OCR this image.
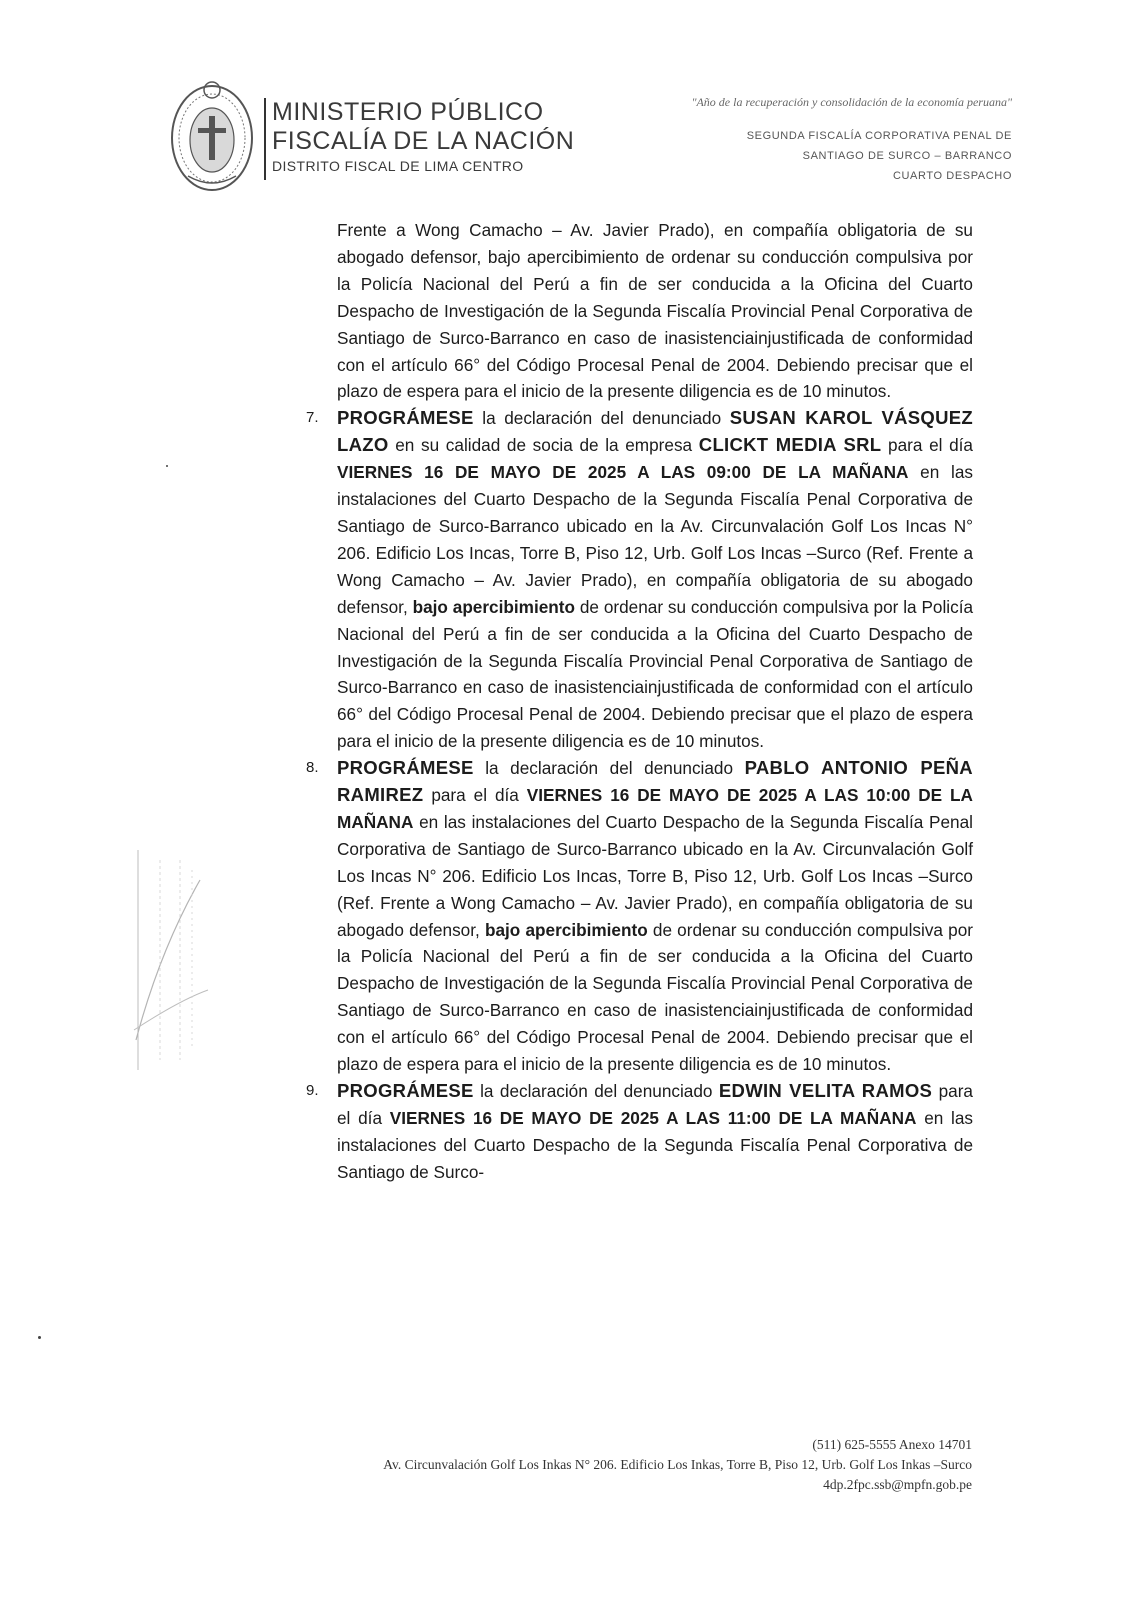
MINISTERIO PÚBLICO
FISCALÍA DE LA NACIÓN
DISTRITO FISCAL DE LIMA CENTRO
"Año de la recuperación y consolidación de la economía peruana"
SEGUNDA FISCALÍA CORPORATIVA PENAL DE
SANTIAGO DE SURCO – BARRANCO
CUARTO DESPACHO
Frente a Wong Camacho – Av. Javier Prado), en compañía obligatoria de su abogado defensor, bajo apercibimiento de ordenar su conducción compulsiva por la Policía Nacional del Perú a fin de ser conducida a la Oficina del Cuarto Despacho de Investigación de la Segunda Fiscalía Provincial Penal Corporativa de Santiago de Surco-Barranco en caso de inasistenciainjustificada de conformidad con el artículo 66° del Código Procesal Penal de 2004. Debiendo precisar que el plazo de espera para el inicio de la presente diligencia es de 10 minutos.
7. PROGRÁMESE la declaración del denunciado SUSAN KAROL VÁSQUEZ LAZO en su calidad de socia de la empresa CLICKT MEDIA SRL para el día VIERNES 16 DE MAYO DE 2025 A LAS 09:00 DE LA MAÑANA en las instalaciones del Cuarto Despacho de la Segunda Fiscalía Penal Corporativa de Santiago de Surco-Barranco ubicado en la Av. Circunvalación Golf Los Incas N° 206. Edificio Los Incas, Torre B, Piso 12, Urb. Golf Los Incas –Surco (Ref. Frente a Wong Camacho – Av. Javier Prado), en compañía obligatoria de su abogado defensor, bajo apercibimiento de ordenar su conducción compulsiva por la Policía Nacional del Perú a fin de ser conducida a la Oficina del Cuarto Despacho de Investigación de la Segunda Fiscalía Provincial Penal Corporativa de Santiago de Surco-Barranco en caso de inasistenciainjustificada de conformidad con el artículo 66° del Código Procesal Penal de 2004. Debiendo precisar que el plazo de espera para el inicio de la presente diligencia es de 10 minutos.
8. PROGRÁMESE la declaración del denunciado PABLO ANTONIO PEÑA RAMIREZ para el día VIERNES 16 DE MAYO DE 2025 A LAS 10:00 DE LA MAÑANA en las instalaciones del Cuarto Despacho de la Segunda Fiscalía Penal Corporativa de Santiago de Surco-Barranco ubicado en la Av. Circunvalación Golf Los Incas N° 206. Edificio Los Incas, Torre B, Piso 12, Urb. Golf Los Incas –Surco (Ref. Frente a Wong Camacho – Av. Javier Prado), en compañía obligatoria de su abogado defensor, bajo apercibimiento de ordenar su conducción compulsiva por la Policía Nacional del Perú a fin de ser conducida a la Oficina del Cuarto Despacho de Investigación de la Segunda Fiscalía Provincial Penal Corporativa de Santiago de Surco-Barranco en caso de inasistenciainjustificada de conformidad con el artículo 66° del Código Procesal Penal de 2004. Debiendo precisar que el plazo de espera para el inicio de la presente diligencia es de 10 minutos.
9. PROGRÁMESE la declaración del denunciado EDWIN VELITA RAMOS para el día VIERNES 16 DE MAYO DE 2025 A LAS 11:00 DE LA MAÑANA en las instalaciones del Cuarto Despacho de la Segunda Fiscalía Penal Corporativa de Santiago de Surco-
(511) 625-5555 Anexo 14701
Av. Circunvalación Golf Los Inkas N° 206. Edificio Los Inkas, Torre B, Piso 12, Urb. Golf Los Inkas –Surco
4dp.2fpc.ssb@mpfn.gob.pe
